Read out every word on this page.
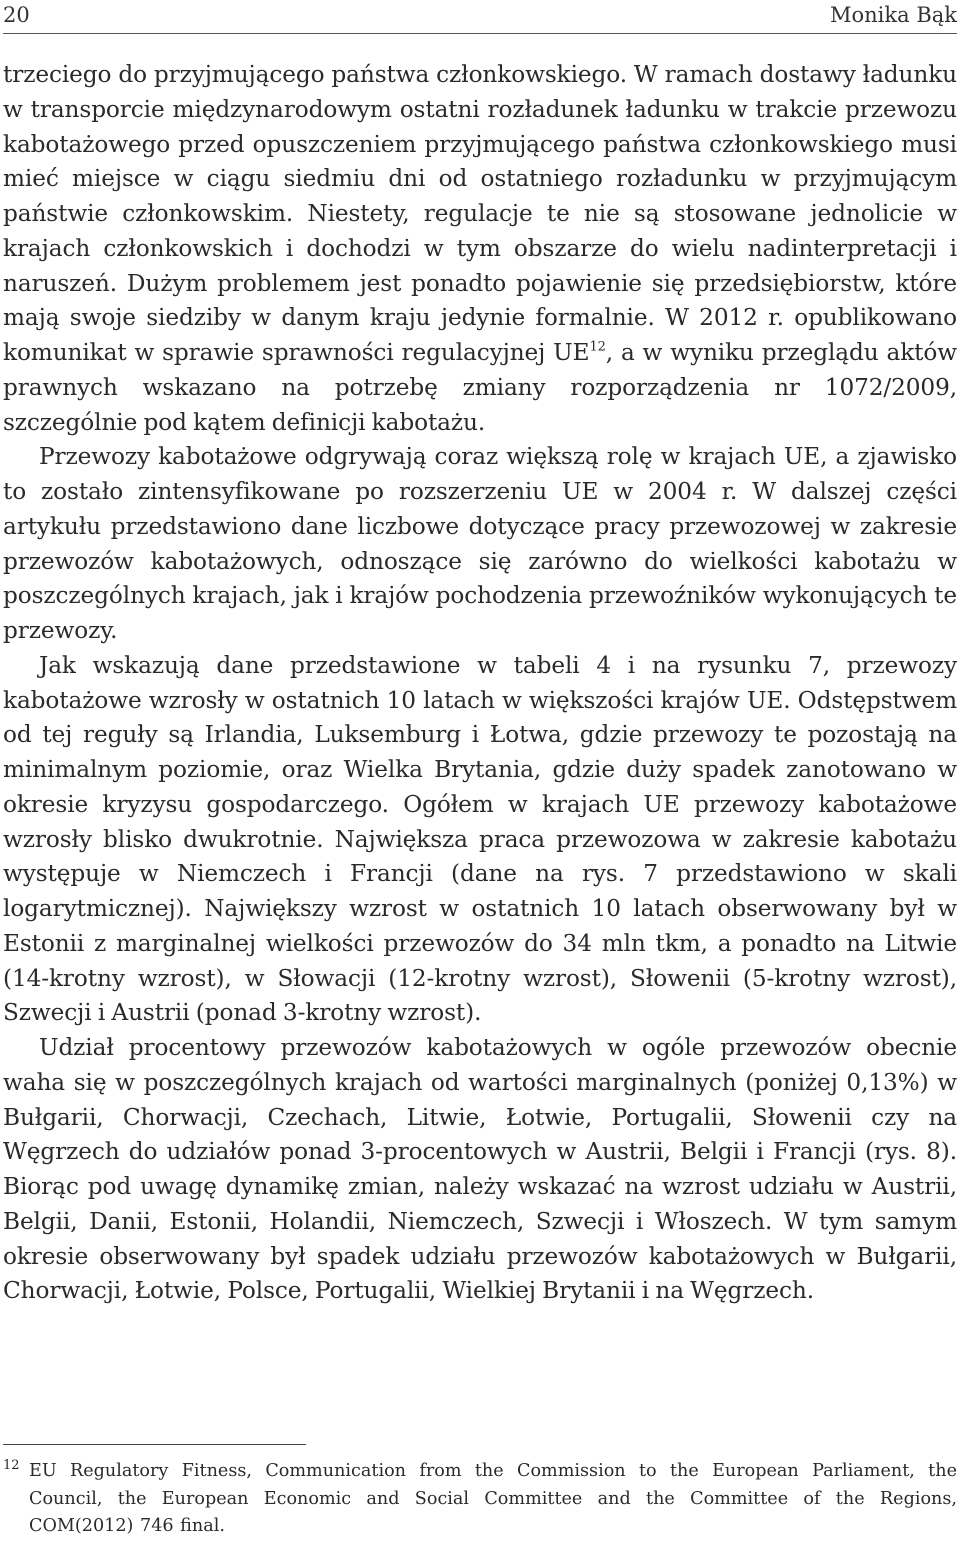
20	Monika Bąk

trzeciego do przyjmującego państwa członkowskiego. W ramach dostawy ładunku w transporcie międzynarodowym ostatni rozładunek ładunku w trakcie przewozu kabotażowego przed opuszczeniem przyjmującego państwa członkowskiego musi mieć miejsce w ciągu siedmiu dni od ostatniego rozładunku w przyjmującym państwie członkowskim. Niestety, regulacje te nie są stosowane jednolicie w krajach członkowskich i dochodzi w tym obszarze do wielu nadinterpretacji i naruszeń. Dużym problemem jest ponadto pojawienie się przedsiębiorstw, które mają swoje siedziby w danym kraju jedynie formalnie. W 2012 r. opublikowano komunikat w sprawie sprawności regulacyjnej UE$^{12}$, a w wyniku przeglądu aktów prawnych wskazano na potrzebę zmiany rozporządzenia nr 1072/2009, szczególnie pod kątem definicji kabotażu.

Przewozy kabotażowe odgrywają coraz większą rolę w krajach UE, a zjawisko to zostało zintensyfikowane po rozszerzeniu UE w 2004 r. W dalszej części artykułu przedstawiono dane liczbowe dotyczące pracy przewozowej w zakresie przewozów kabotażowych, odnoszące się zarówno do wielkości kabotażu w poszczególnych krajach, jak i krajów pochodzenia przewoźników wykonujących te przewozy.

Jak wskazują dane przedstawione w tabeli 4 i na rysunku 7, przewozy kabotażowe wzrosły w ostatnich 10 latach w większości krajów UE. Odstępstwem od tej reguły są Irlandia, Luksemburg i Łotwa, gdzie przewozy te pozostają na minimalnym poziomie, oraz Wielka Brytania, gdzie duży spadek zanotowano w okresie kryzysu gospodarczego. Ogółem w krajach UE przewozy kabotażowe wzrosły blisko dwukrotnie. Największa praca przewozowa w zakresie kabotażu występuje w Niemczech i Francji (dane na rys. 7 przedstawiono w skali logarytmicznej). Największy wzrost w ostatnich 10 latach obserwowany był w Estonii z marginalnej wielkości przewozów do 34 mln tkm, a ponadto na Litwie (14-krotny wzrost), w Słowacji (12-krotny wzrost), Słowenii (5-krotny wzrost), Szwecji i Austrii (ponad 3-krotny wzrost).

Udział procentowy przewozów kabotażowych w ogóle przewozów obecnie waha się w poszczególnych krajach od wartości marginalnych (poniżej 0,13%) w Bułgarii, Chorwacji, Czechach, Litwie, Łotwie, Portugalii, Słowenii czy na Węgrzech do udziałów ponad 3-procentowych w Austrii, Belgii i Francji (rys. 8). Biorąc pod uwagę dynamikę zmian, należy wskazać na wzrost udziału w Austrii, Belgii, Danii, Estonii, Holandii, Niemczech, Szwecji i Włoszech. W tym samym okresie obserwowany był spadek udziału przewozów kabotażowych w Bułgarii, Chorwacji, Łotwie, Polsce, Portugalii, Wielkiej Brytanii i na Węgrzech.

12 EU Regulatory Fitness, Communication from the Commission to the European Parliament, the Council, the European Economic and Social Committee and the Committee of the Regions, COM(2012) 746 final.
